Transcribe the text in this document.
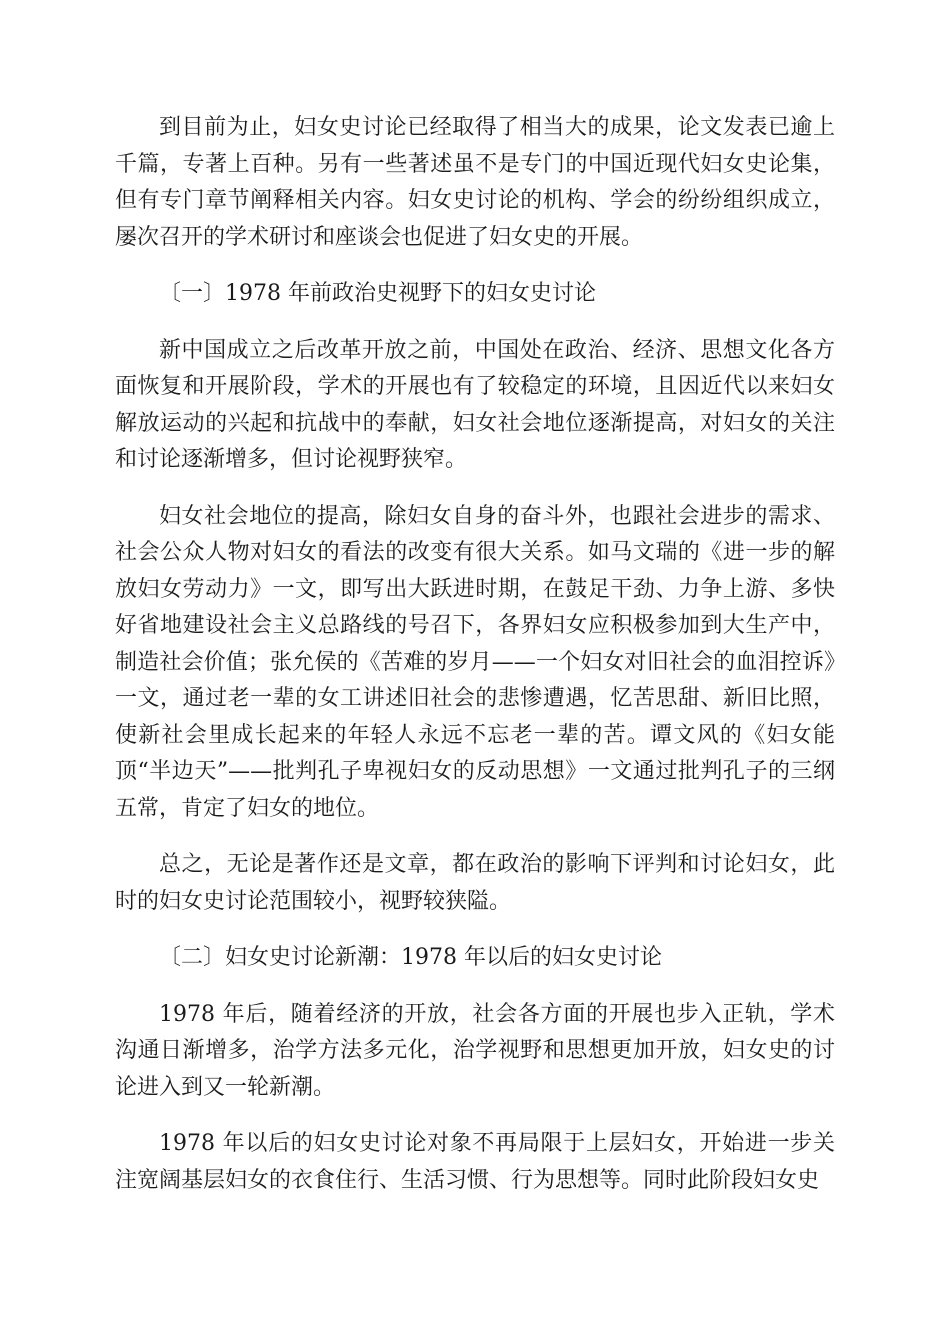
到目前为止，妇女史讨论已经取得了相当大的成果，论文发表已逾上千篇，专著上百种。另有一些著述虽不是专门的中国近现代妇女史论集，但有专门章节阐释相关内容。妇女史讨论的机构、学会的纷纷组织成立，屡次召开的学术研讨和座谈会也促进了妇女史的开展。

〔一〕1978 年前政治史视野下的妇女史讨论

新中国成立之后改革开放之前，中国处在政治、经济、思想文化各方面恢复和开展阶段，学术的开展也有了较稳定的环境，且因近代以来妇女解放运动的兴起和抗战中的奉献，妇女社会地位逐渐提高，对妇女的关注和讨论逐渐增多，但讨论视野狭窄。

妇女社会地位的提高，除妇女自身的奋斗外，也跟社会进步的需求、社会公众人物对妇女的看法的改变有很大关系。如马文瑞的《进一步的解放妇女劳动力》一文，即写出大跃进时期，在鼓足干劲、力争上游、多快好省地建设社会主义总路线的号召下，各界妇女应积极参加到大生产中，制造社会价值；张允侯的《苦难的岁月——一个妇女对旧社会的血泪控诉》一文，通过老一辈的女工讲述旧社会的悲惨遭遇，忆苦思甜、新旧比照，使新社会里成长起来的年轻人永远不忘老一辈的苦。谭文风的《妇女能顶“半边天”——批判孔子卑视妇女的反动思想》一文通过批判孔子的三纲五常，肯定了妇女的地位。

总之，无论是著作还是文章，都在政治的影响下评判和讨论妇女，此时的妇女史讨论范围较小，视野较狭隘。

〔二〕妇女史讨论新潮：1978 年以后的妇女史讨论

1978 年后，随着经济的开放，社会各方面的开展也步入正轨，学术沟通日渐增多，治学方法多元化，治学视野和思想更加开放，妇女史的讨论进入到又一轮新潮。

1978 年以后的妇女史讨论对象不再局限于上层妇女，开始进一步关注宽阔基层妇女的衣食住行、生活习惯、行为思想等。同时此阶段妇女史
